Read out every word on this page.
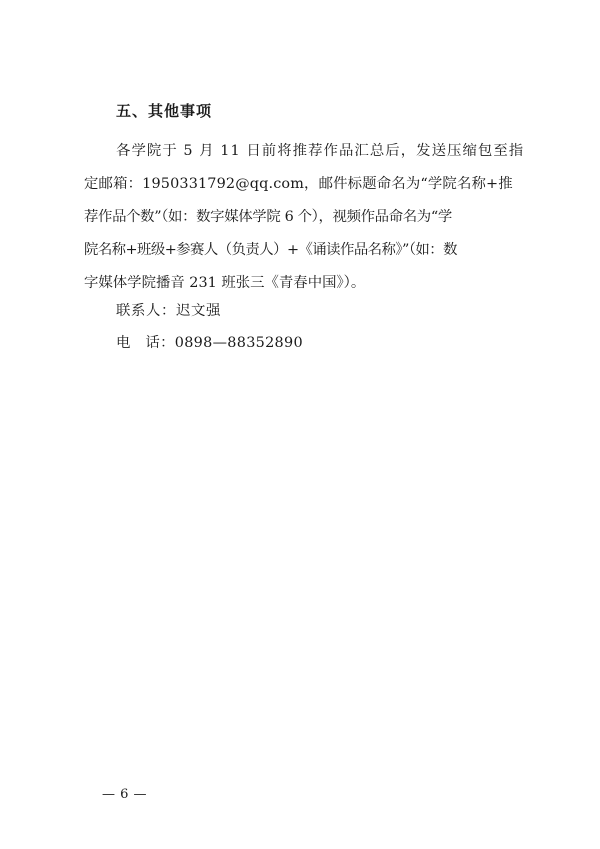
五、其他事项
各学院于 5 月 11 日前将推荐作品汇总后，发送压缩包至指
定邮箱：1950331792@qq.com，邮件标题命名为“学院名称+推
荐作品个数”（如：数字媒体学院 6 个），视频作品命名为“学
院名称+班级+参赛人（负责人）+《诵读作品名称》”（如：数
字媒体学院播音 231 班张三《青春中国》）。
联系人：迟文强
电　话：0898—88352890
— 6 —
